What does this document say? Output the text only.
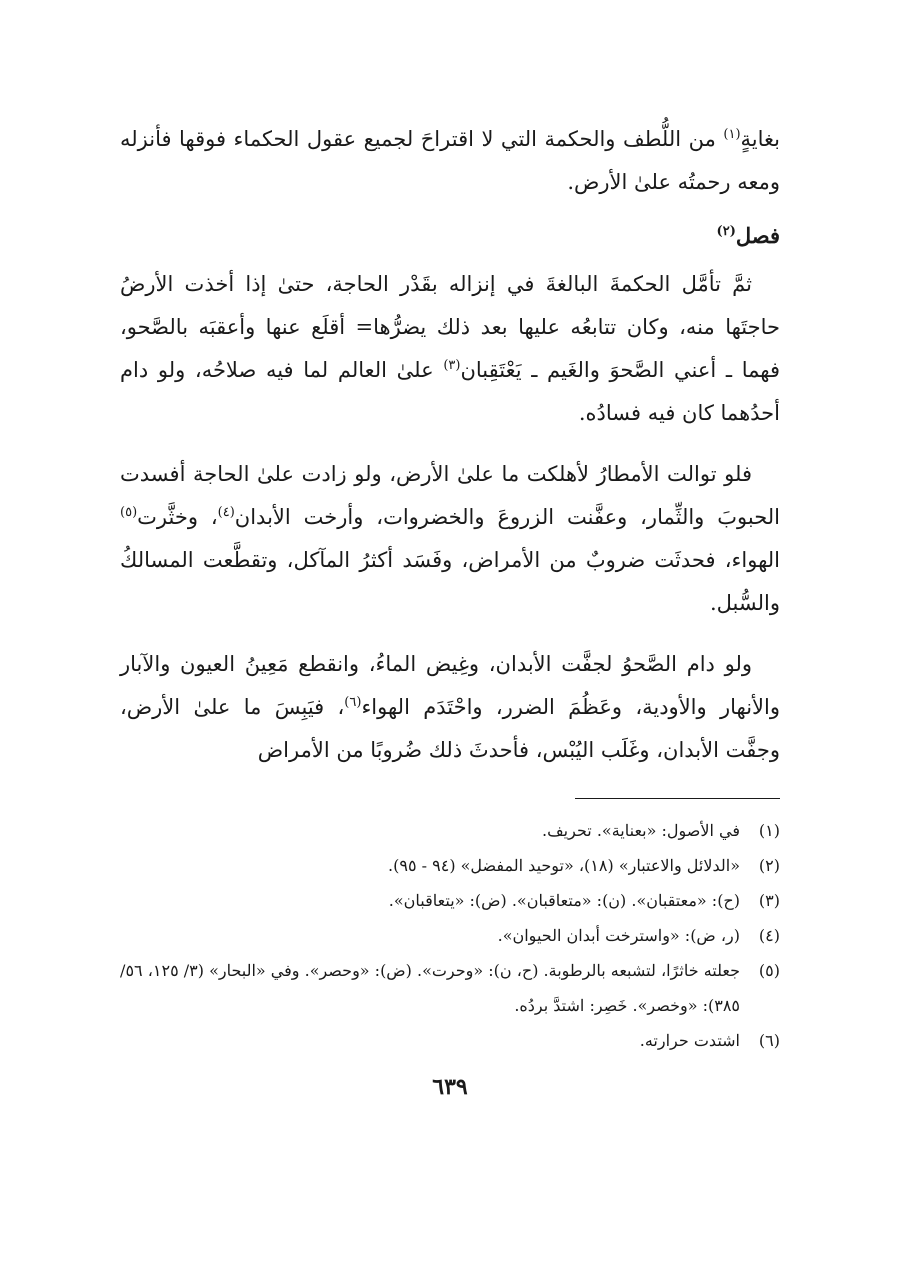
بغايةٍ$^{(١)}$ من اللُّطف والحكمة التي لا اقتراحَ لجميع عقول الحكماء فوقها فأنزله ومعه رحمتُه علىٰ الأرض.

فصل$^{(٢)}$

ثمَّ تأمَّل الحكمةَ البالغةَ في إنزاله بقَدْر الحاجة، حتىٰ إذا أخذت الأرضُ حاجتَها منه، وكان تتابعُه عليها بعد ذلك يضرُّها= أقلَع عنها وأعقبَه بالصَّحو، فهما ـ أعني الصَّحوَ والغَيم ـ يَعْتَقِبان$^{(٣)}$ علىٰ العالم لما فيه صلاحُه، ولو دام أحدُهما كان فيه فسادُه.

فلو توالت الأمطارُ لأهلكت ما علىٰ الأرض، ولو زادت علىٰ الحاجة أفسدت الحبوبَ والثِّمار، وعفَّنت الزروعَ والخضروات، وأرخت الأبدان$^{(٤)}$، وخثَّرت$^{(٥)}$ الهواء، فحدثَت ضروبٌ من الأمراض، وفَسَد أكثرُ المآكل، وتقطَّعت المسالكُ والسُّبل.

ولو دام الصَّحوُ لجفَّت الأبدان، وغِيض الماءُ، وانقطع مَعِينُ العيون والآبار والأنهار والأودية، وعَظُمَ الضرر، واحْتَدَم الهواء$^{(٦)}$، فيَبِسَ ما علىٰ الأرض، وجفَّت الأبدان، وغَلَب اليُبْس، فأحدثَ ذلك ضُروبًا من الأمراض

(١)
في الأصول: «بعناية». تحريف.
(٢)
«الدلائل والاعتبار» (١٨)، «توحيد المفضل» (٩٤ - ٩٥).
(٣)
(ح): «معتقبان». (ن): «متعاقبان». (ض): «يتعاقبان».
(٤)
(ر، ض): «واسترخت أبدان الحيوان».
(٥)
جعلته خاثرًا، لتشبعه بالرطوبة. (ح، ن): «وحرت». (ض): «وحصر». وفي «البحار» (٣/ ١٢٥، ٥٦/ ٣٨٥): «وخصر». خَصِر: اشتدَّ بردُه.
(٦)
اشتدت حرارته.
٦٣٩
